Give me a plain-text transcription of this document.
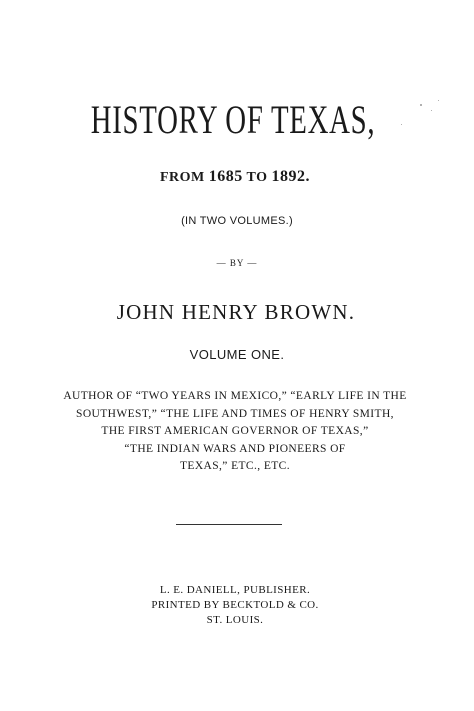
HISTORY OF TEXAS,
FROM 1685 TO 1892.
(IN TWO VOLUMES.)
— BY —
JOHN HENRY BROWN.
VOLUME ONE.
AUTHOR OF “TWO YEARS IN MEXICO,” “EARLY LIFE IN THE
SOUTHWEST,” “THE LIFE AND TIMES OF HENRY SMITH,
THE FIRST AMERICAN GOVERNOR OF TEXAS,”
“THE INDIAN WARS AND PIONEERS OF
TEXAS,” ETC., ETC.
L. E. DANIELL, PUBLISHER.
PRINTED BY BECKTOLD & CO.
ST. LOUIS.
